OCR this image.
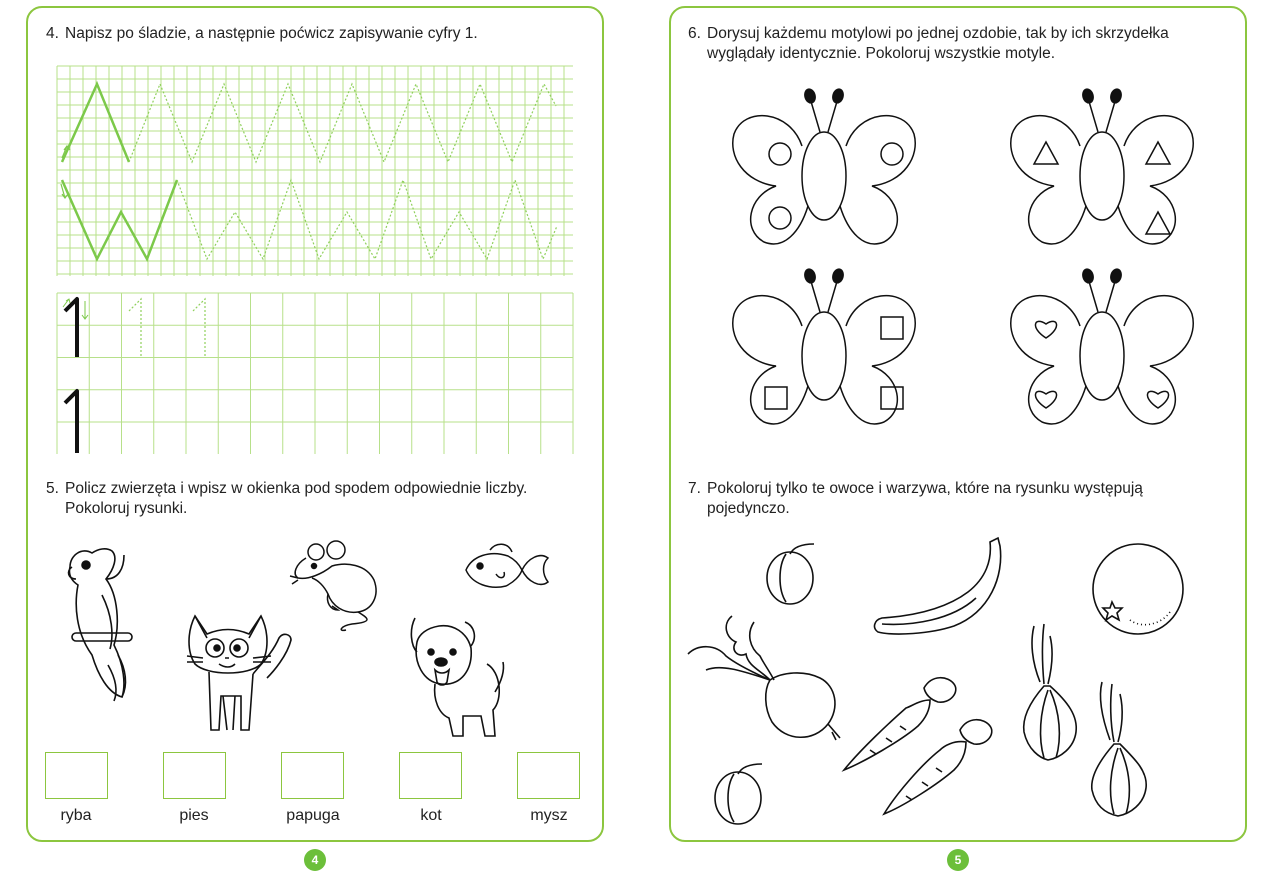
4. Napisz po śladzie, a następnie poćwicz zapisywanie cyfry 1.
5. Policz zwierzęta i wpisz w okienka pod spodem odpowiednie liczby.
Pokoloruj rysunki.
ryba	pies	papuga	kot	mysz
4
6. Dorysuj każdemu motylowi po jednej ozdobie, tak by ich skrzydełka
wyglądały identycznie. Pokoloruj wszystkie motyle.
7. Pokoloruj tylko te owoce i warzywa, które na rysunku występują
pojedynczo.
5
